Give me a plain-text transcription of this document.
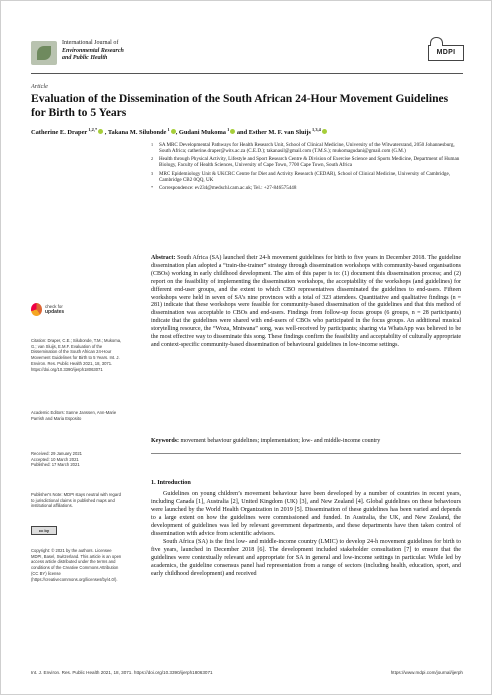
International Journal of
Environmental Research
and Public Health
MDPI
Article
Evaluation of the Dissemination of the South African 24-Hour Movement Guidelines for Birth to 5 Years
Catherine E. Draper $^{1,2,*}$ , Takana M. Silubonde $^1$ , Gudani Mukoma $^1$ and Esther M. F. van Sluijs $^{1,3,4}$
check for
updates
Citation: Draper, C.E.; Silubonde, T.M.; Mukoma, G.; van Sluijs, E.M.F. Evaluation of the Dissemination of the South African 24-Hour Movement Guidelines for Birth to 5 Years. Int. J. Environ. Res. Public Health 2021, 18, 3071. https://doi.org/10.3390/ijerph18063071
Academic Editors: Sanne Janssen, Ann-Marie Parrish and Maria Esposito
Received: 29 January 2021
Accepted: 10 March 2021
Published: 17 March 2021
Publisher's Note: MDPI stays neutral with regard to jurisdictional claims in published maps and institutional affiliations.
cc by
Copyright: © 2021 by the authors. Licensee MDPI, Basel, Switzerland. This article is an open access article distributed under the terms and conditions of the Creative Commons Attribution (CC BY) license (https://creativecommons.org/licenses/by/4.0/).
1 SA MRC Developmental Pathways for Health Research Unit, School of Clinical Medicine, University of the Witwatersrand, 2050 Johannesburg, South Africa; catherine.draper@wits.ac.za (C.E.D.); takanasil@gmail.com (T.M.S.); mukomagudani@gmail.com (G.M.)
2 Health through Physical Activity, Lifestyle and Sport Research Centre & Division of Exercise Science and Sports Medicine, Department of Human Biology, Faculty of Health Sciences, University of Cape Town, 7700 Cape Town, South Africa
3 MRC Epidemiology Unit & UKCRC Centre for Diet and Activity Research (CEDAR), School of Clinical Medicine, University of Cambridge, Cambridge CB2 0QQ, UK
* Correspondence: ev234@medschl.cam.ac.uk; Tel.: +27-846575448
Abstract: South Africa (SA) launched their 24-h movement guidelines for birth to five years in December 2018. The guideline dissemination plan adopted a “train-the-trainer” strategy through dissemination workshops with community-based organisations (CBOs) working in early childhood development. The aim of this paper is to: (1) document this dissemination process; and (2) report on the feasibility of implementing the dissemination workshops, the acceptability of the workshops (and guidelines) for different end-user groups, and the extent to which CBO representatives disseminated the guidelines to end-users. Fifteen workshops were held in seven of SA’s nine provinces with a total of 323 attendees. Quantitative and qualitative findings (n = 281) indicate that these workshops were feasible for community-based dissemination of the guidelines and that this method of dissemination was acceptable to CBOs and end-users. Findings from follow-up focus groups (6 groups, n = 28 participants) indicate that the guidelines were shared with end-users of CBOs who participated in the focus groups. An additional musical storytelling resource, the “Woza, Mntwana” song, was well-received by participants; sharing via WhatsApp was believed to be the most effective way to disseminate this song. These findings confirm the feasibility and acceptability of culturally appropriate and context-specific community-based dissemination of behavioural guidelines in low-income settings.
Keywords: movement behaviour guidelines; implementation; low- and middle-income country
1. Introduction

Guidelines on young children’s movement behaviour have been developed by a number of countries in recent years, including Canada [1], Australia [2], United Kingdom (UK) [3], and New Zealand [4]. Global guidelines on these behaviours were launched by the World Health Organization in 2019 [5]. Dissemination of these guidelines has been varied and depends to a large extent on how the guidelines were commissioned and funded. In Australia, the UK, and New Zealand, the development of guidelines was led by relevant government departments, and these departments have then taken control of dissemination with advice from scientific advisors.

South Africa (SA) is the first low- and middle-income country (LMIC) to develop 24-h movement guidelines for birth to five years, launched in December 2018 [6]. The development included stakeholder consultation [7] to ensure that the guidelines were contextually relevant and appropriate for SA in general and low-income settings in particular. While led by academics, the guideline consensus panel had representation from a range of sectors (including health, education, sport, and early childhood development) and received

Int. J. Environ. Res. Public Health 2021, 18, 3071. https://doi.org/10.3390/ijerph18063071	https://www.mdpi.com/journal/ijerph
